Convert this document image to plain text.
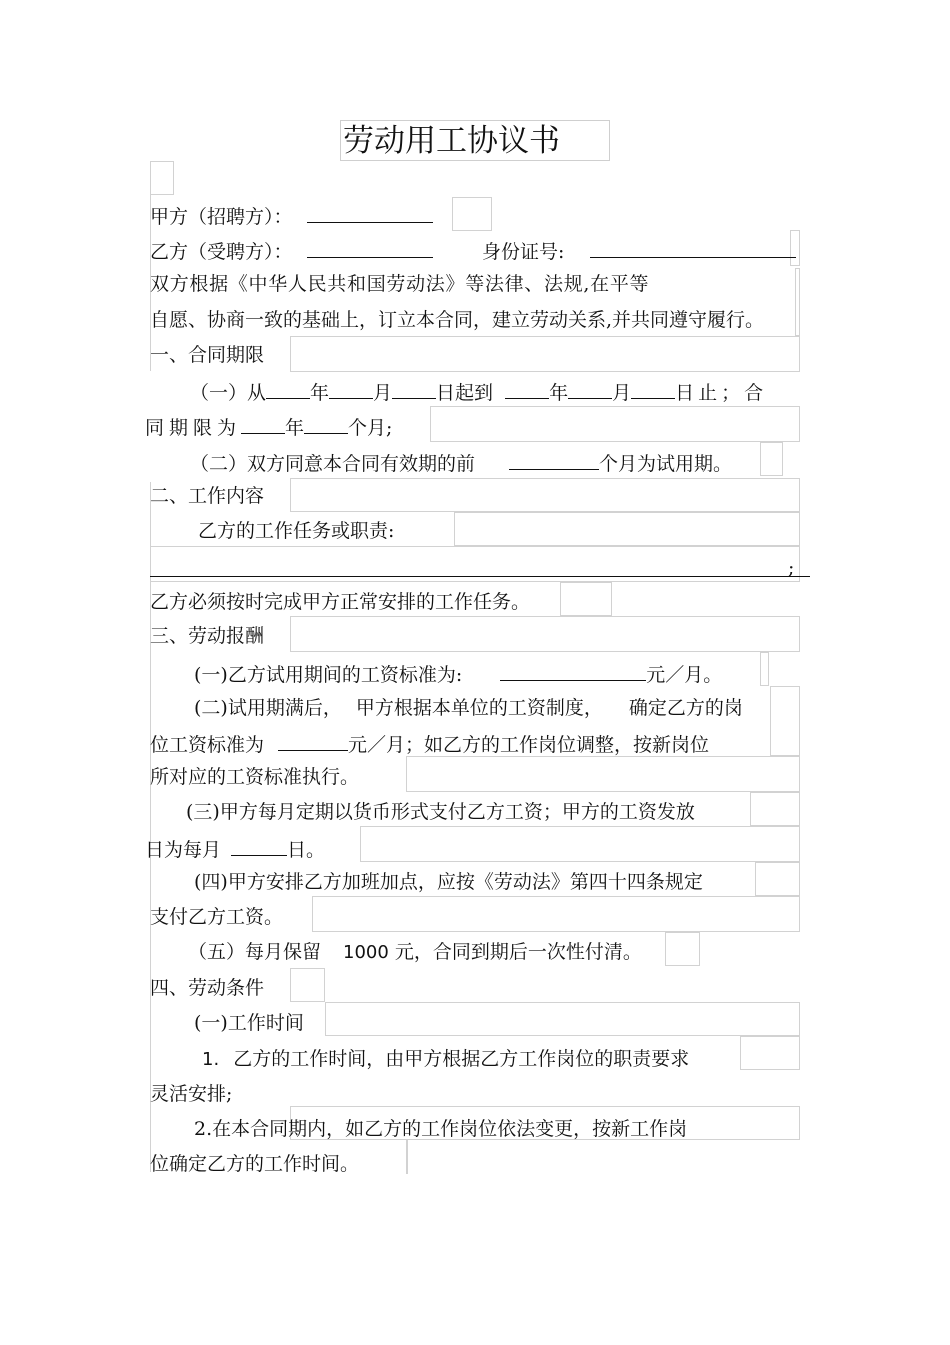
劳动用工协议书
甲方（招聘方）：
乙方（受聘方）：	身份证号:
双方根据《中华人民共和国劳动法》等法律、法规,在平等
自愿、协商一致的基础上，订立本合同，建立劳动关系,并共同遵守履行。
一、合同期限
（一）从 年 月 日起到	年 月 日止；合
同期限为 年 个月;
（二）双方同意本合同有效期的前	个月为试用期。
二、工作内容
乙方的工作任务或职责:
;
乙方必须按时完成甲方正常安排的工作任务。
三、劳动报酬
(一)乙方试用期间的工资标准为:	元／月。
(二)试用期满后， 甲方根据本单位的工资制度， 确定乙方的岗
位工资标准为	元／月；如乙方的工作岗位调整，按新岗位
所对应的工资标准执行。
(三)甲方每月定期以货币形式支付乙方工资；甲方的工资发放
日为每月	日。
(四)甲方安排乙方加班加点，应按《劳动法》第四十四条规定
支付乙方工资。
（五）每月保留 1000 元，合同到期后一次性付清。
四、劳动条件
(一)工作时间
1. 乙方的工作时间，由甲方根据乙方工作岗位的职责要求
灵活安排;
2.在本合同期内，如乙方的工作岗位依法变更，按新工作岗
位确定乙方的工作时间。
